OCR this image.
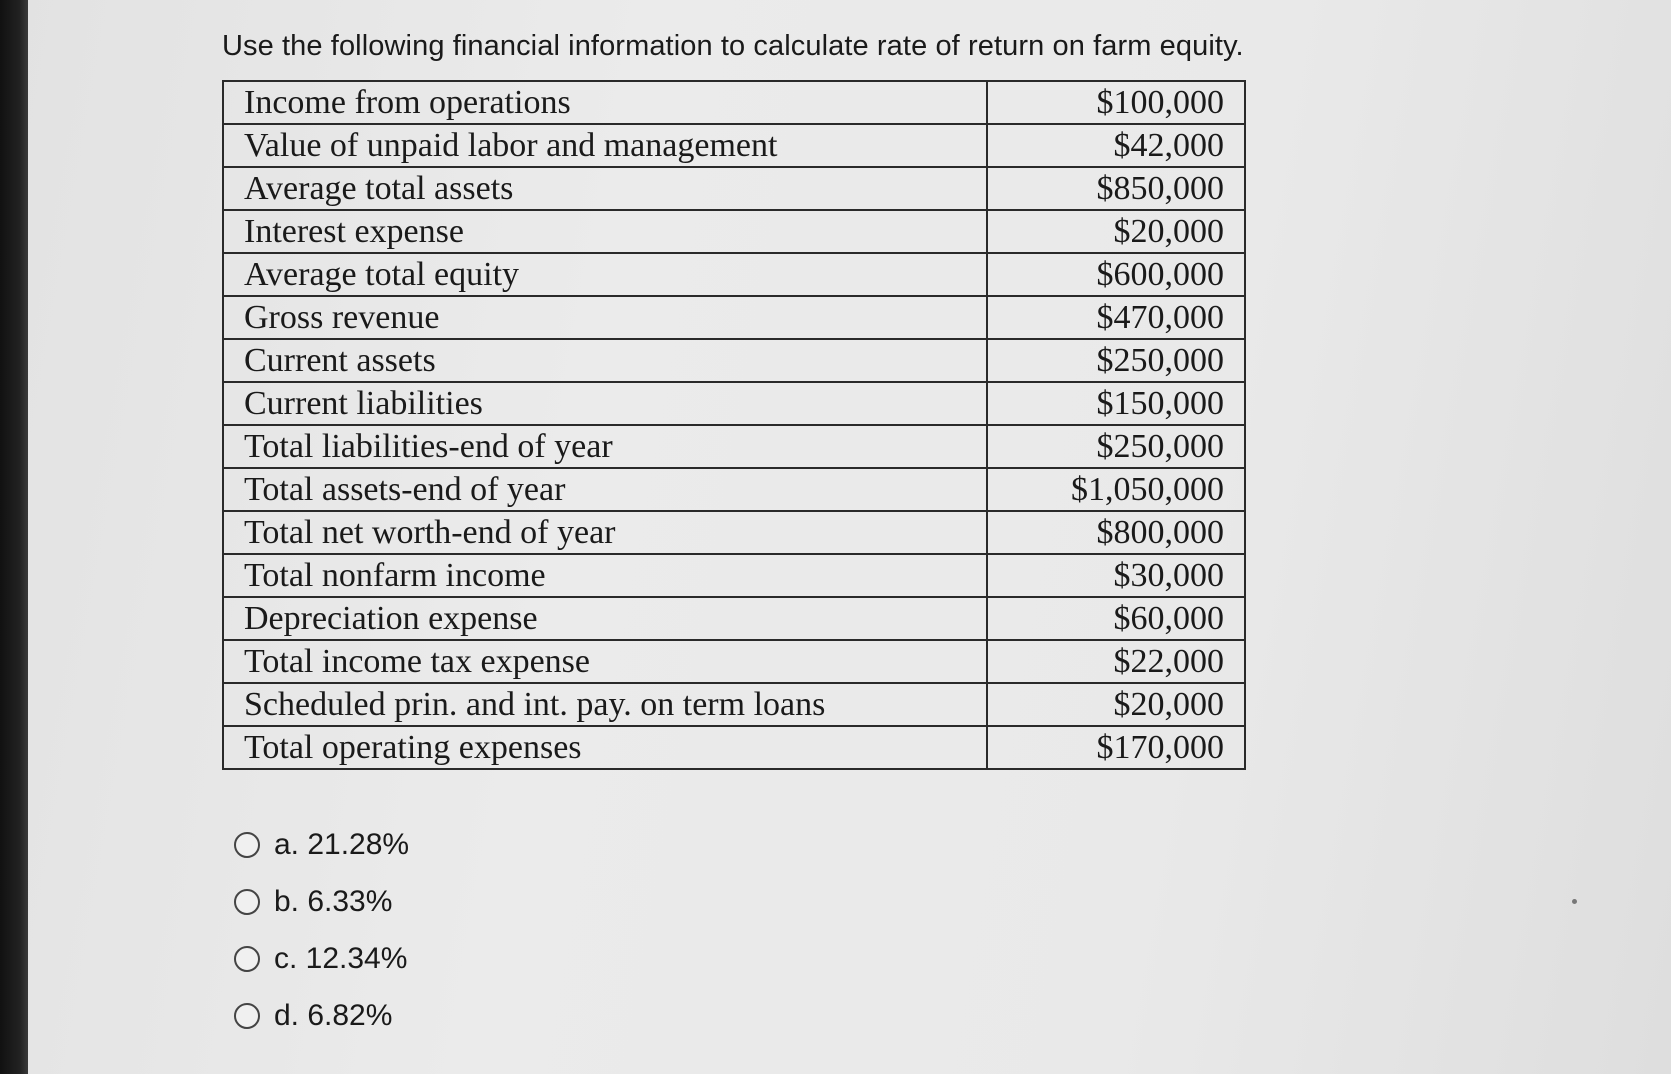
Use the following financial information to calculate rate of return on farm equity.
Income from operations	$100,000
Value of unpaid labor and management	$42,000
Average total assets	$850,000
Interest expense	$20,000
Average total equity	$600,000
Gross revenue	$470,000
Current assets	$250,000
Current liabilities	$150,000
Total liabilities-end of year	$250,000
Total assets-end of year	$1,050,000
Total net worth-end of year	$800,000
Total nonfarm income	$30,000
Depreciation expense	$60,000
Total income tax expense	$22,000
Scheduled prin. and int. pay. on term loans	$20,000
Total operating expenses	$170,000
a. 21.28%
b. 6.33%
c. 12.34%
d. 6.82%
